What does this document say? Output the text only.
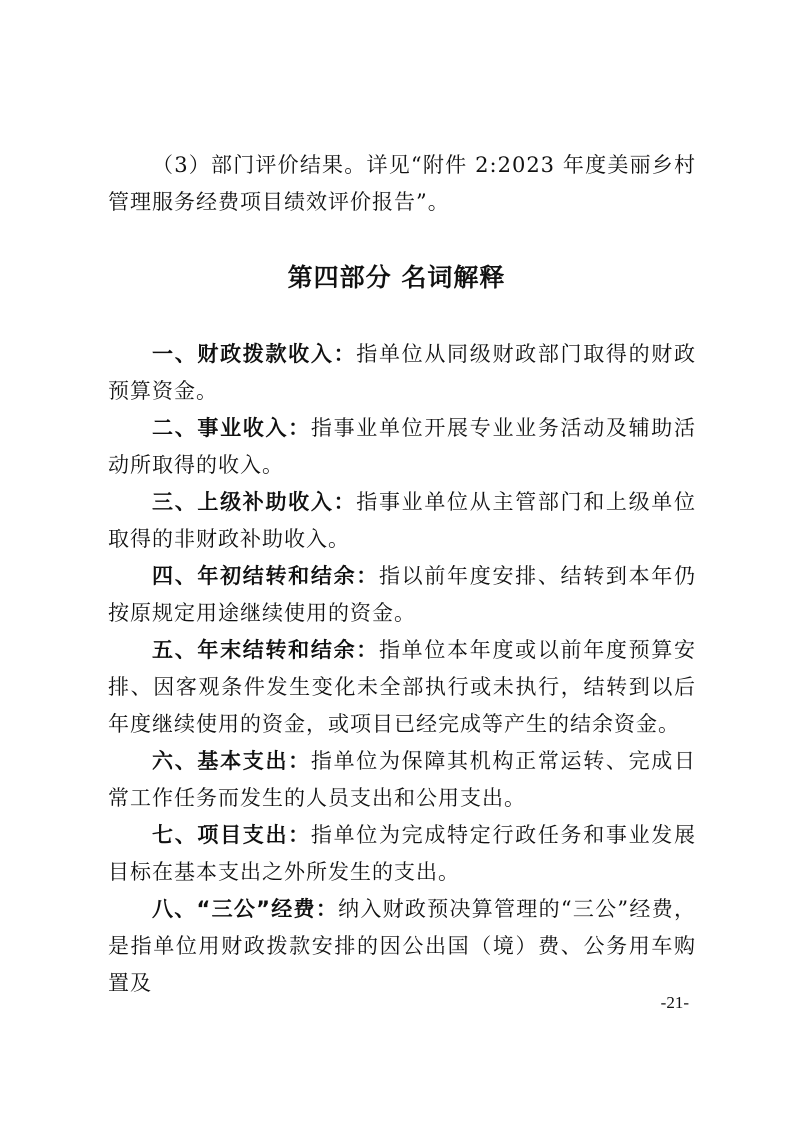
（3）部门评价结果。详见“附件 2:2023 年度美丽乡村管理服务经费项目绩效评价报告”。

第四部分 名词解释

一、财政拨款收入：指单位从同级财政部门取得的财政预算资金。

二、事业收入：指事业单位开展专业业务活动及辅助活动所取得的收入。

三、上级补助收入：指事业单位从主管部门和上级单位取得的非财政补助收入。

四、年初结转和结余：指以前年度安排、结转到本年仍按原规定用途继续使用的资金。

五、年末结转和结余：指单位本年度或以前年度预算安排、因客观条件发生变化未全部执行或未执行，结转到以后年度继续使用的资金，或项目已经完成等产生的结余资金。

六、基本支出：指单位为保障其机构正常运转、完成日常工作任务而发生的人员支出和公用支出。

七、项目支出：指单位为完成特定行政任务和事业发展目标在基本支出之外所发生的支出。

八、“三公”经费：纳入财政预决算管理的“三公”经费，是指单位用财政拨款安排的因公出国（境）费、公务用车购置及

-21-
